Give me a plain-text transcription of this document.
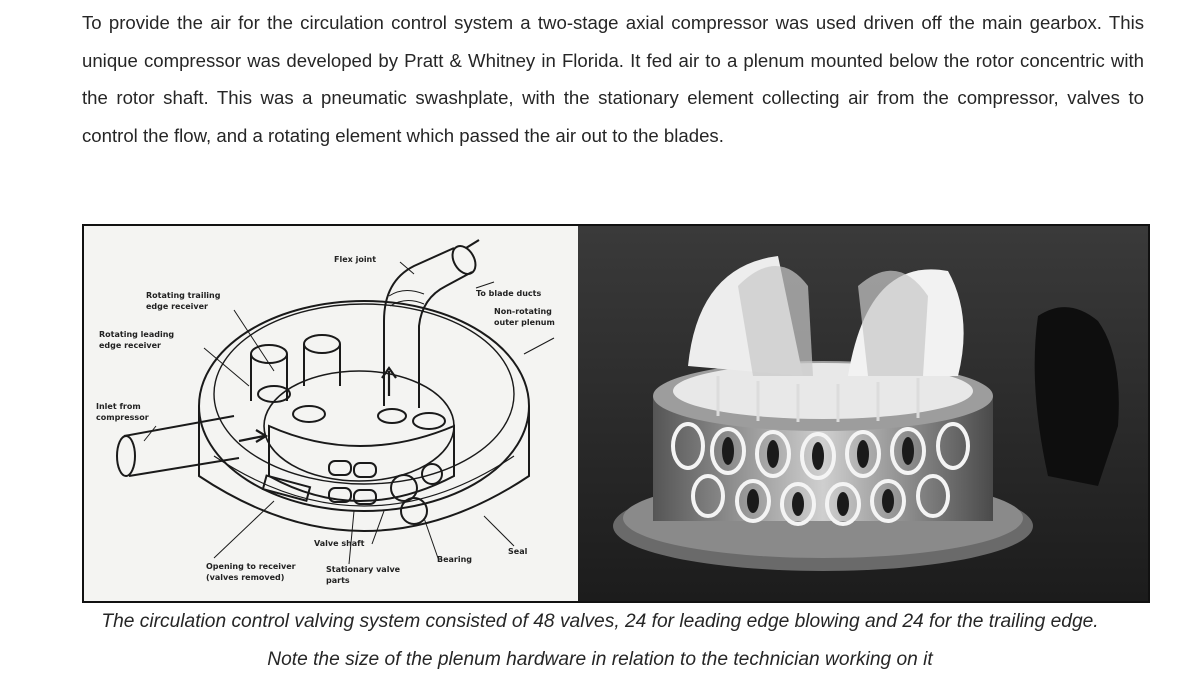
To provide the air for the circulation control system a two-stage axial compressor was used driven off the main gearbox. This unique compressor was developed by Pratt & Whitney in Florida. It fed air to a plenum mounted below the rotor concentric with the rotor shaft. This was a pneumatic swashplate, with the stationary element collecting air from the compressor, valves to control the flow, and a rotating element which passed the air out to the blades.

Flex joint
To blade ducts
Non-rotating
outer plenum
Rotating trailing
edge receiver
Rotating leading
edge receiver
Inlet from
compressor
Valve shaft
Seal
Bearing
Opening to receiver
(valves removed)
Stationary valve
parts

The circulation control valving system consisted of 48 valves, 24 for leading edge blowing and 24 for the trailing edge.

Note the size of the plenum hardware in relation to the technician working on it
